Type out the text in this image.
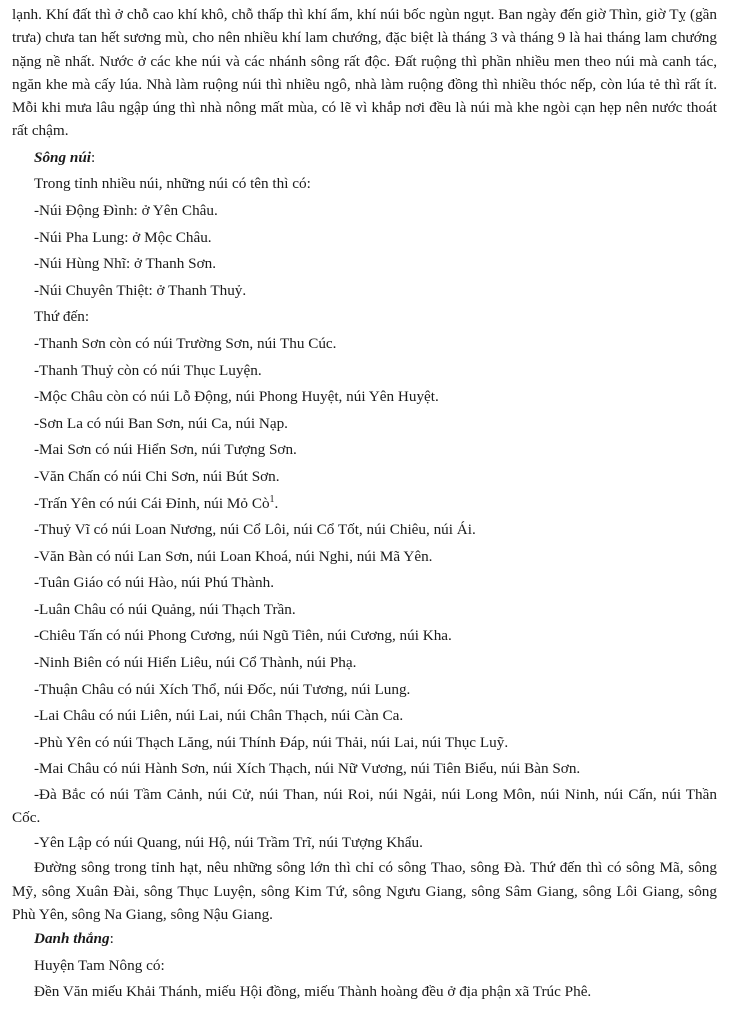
lạnh. Khí đất thì ở chỗ cao khí khô, chỗ thấp thì khí ẩm, khí núi bốc ngùn ngụt. Ban ngày đến giờ Thìn, giờ Tỵ (gần trưa) chưa tan hết sương mù, cho nên nhiều khí lam chướng, đặc biệt là tháng 3 và tháng 9 là hai tháng lam chướng nặng nề nhất. Nước ở các khe núi và các nhánh sông rất độc. Đất ruộng thì phần nhiều men theo núi mà canh tác, ngăn khe mà cấy lúa. Nhà làm ruộng núi thì nhiều ngô, nhà làm ruộng đồng thì nhiều thóc nếp, còn lúa tẻ thì rất ít. Mỗi khi mưa lâu ngập úng thì nhà nông mất mùa, có lẽ vì khắp nơi đều là núi mà khe ngòi cạn hẹp nên nước thoát rất chậm.

Sông núi:

Trong tỉnh nhiều núi, những núi có tên thì có:

-Núi Động Đình: ở Yên Châu.

-Núi Pha Lung: ở Mộc Châu.

-Núi Hùng Nhĩ: ở Thanh Sơn.

-Núi Chuyên Thiệt: ở Thanh Thuỷ.

Thứ đến:

-Thanh Sơn còn có núi Trường Sơn, núi Thu Cúc.

-Thanh Thuỷ còn có núi Thục Luyện.

-Mộc Châu còn có núi Lỗ Động, núi Phong Huyệt, núi Yên Huyệt.

-Sơn La có núi Ban Sơn, núi Ca, núi Nạp.

-Mai Sơn có núi Hiển Sơn, núi Tượng Sơn.

-Văn Chấn có núi Chi Sơn, núi Bút Sơn.

-Trấn Yên có núi Cái Đỉnh, núi Mỏ $Cò^1$.

-Thuỷ Vĩ có núi Loan Nương, núi Cổ Lôi, núi Cổ Tốt, núi Chiêu, núi Ái.

-Văn Bàn có núi Lan Sơn, núi Loan Khoá, núi Nghi, núi Mã Yên.

-Tuân Giáo có núi Hào, núi Phú Thành.

-Luân Châu có núi Quảng, núi Thạch Trần.

-Chiêu Tấn có núi Phong Cương, núi Ngũ Tiên, núi Cương, núi Kha.

-Ninh Biên có núi Hiển Liêu, núi Cổ Thành, núi Phạ.

-Thuận Châu có núi Xích Thổ, núi Đốc, núi Tương, núi Lung.

-Lai Châu có núi Liên, núi Lai, núi Chân Thạch, núi Càn Ca.

-Phù Yên có núi Thạch Lăng, núi Thính Đáp, núi Thải, núi Lai, núi Thục Luỹ.

-Mai Châu có núi Hành Sơn, núi Xích Thạch, núi Nữ Vương, núi Tiên Biểu, núi Bàn Sơn.

-Đà Bắc có núi Tầm Cảnh, núi Cử, núi Than, núi Roi, núi Ngải, núi Long Môn, núi Ninh, núi Cấn, núi Thần Cốc.

-Yên Lập có núi Quang, núi Hộ, núi Trầm Trĩ, núi Tượng Khẩu.

Đường sông trong tỉnh hạt, nêu những sông lớn thì chỉ có sông Thao, sông Đà. Thứ đến thì có sông Mã, sông Mỹ, sông Xuân Đài, sông Thục Luyện, sông Kim Tứ, sông Ngưu Giang, sông Sâm Giang, sông Lôi Giang, sông Phù Yên, sông Na Giang, sông Nậu Giang.

Danh thắng:

Huyện Tam Nông có:

Đền Văn miếu Khải Thánh, miếu Hội đồng, miếu Thành hoàng đều ở địa phận xã Trúc Phê.
